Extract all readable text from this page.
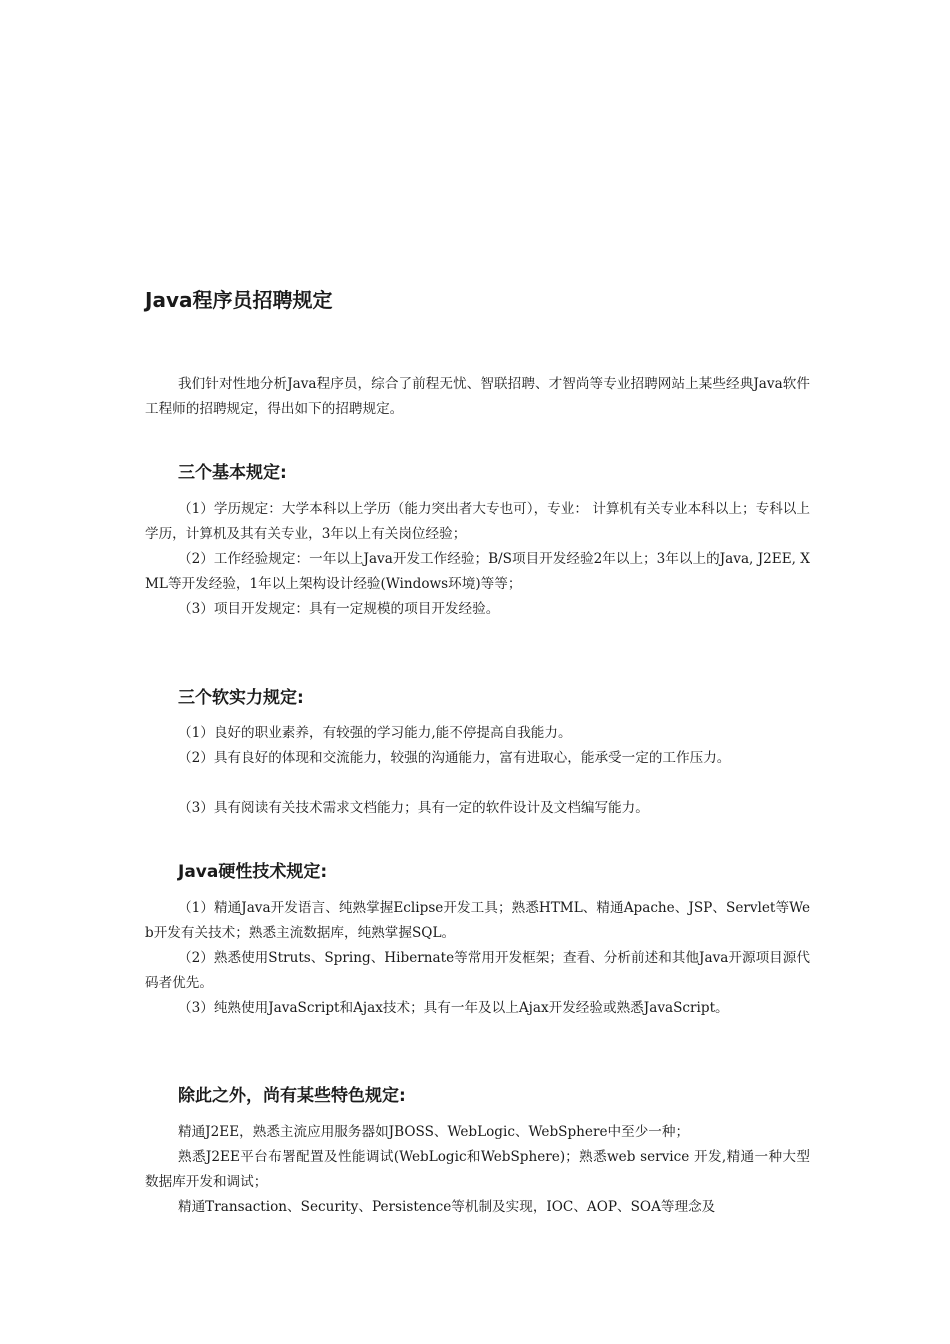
Java程序员招聘规定

我们针对性地分析Java程序员，综合了前程无忧、智联招聘、才智尚等专业招聘网站上某些经典Java软件工程师的招聘规定，得出如下的招聘规定。

三个基本规定:

（1）学历规定：大学本科以上学历（能力突出者大专也可），专业： 计算机有关专业本科以上；专科以上学历，计算机及其有关专业，3年以上有关岗位经验；

（2）工作经验规定：一年以上Java开发工作经验；B/S项目开发经验2年以上；3年以上的Java, J2EE, XML等开发经验，1年以上架构设计经验(Windows环境)等等；

（3）项目开发规定：具有一定规模的项目开发经验。

三个软实力规定:

（1）良好的职业素养，有较强的学习能力,能不停提高自我能力。

（2）具有良好的体现和交流能力，较强的沟通能力，富有进取心，能承受一定的工作压力。

（3）具有阅读有关技术需求文档能力；具有一定的软件设计及文档编写能力。

Java硬性技术规定:

（1）精通Java开发语言、纯熟掌握Eclipse开发工具；熟悉HTML、精通Apache、JSP、Servlet等Web开发有关技术；熟悉主流数据库，纯熟掌握SQL。

（2）熟悉使用Struts、Spring、Hibernate等常用开发框架；查看、分析前述和其他Java开源项目源代码者优先。

（3）纯熟使用JavaScript和Ajax技术；具有一年及以上Ajax开发经验或熟悉JavaScript。

除此之外，尚有某些特色规定:

精通J2EE，熟悉主流应用服务器如JBOSS、WebLogic、WebSphere中至少一种；

熟悉J2EE平台布署配置及性能调试(WebLogic和WebSphere)；熟悉web service 开发,精通一种大型数据库开发和调试；

精通Transaction、Security、Persistence等机制及实现，IOC、AOP、SOA等理念及
